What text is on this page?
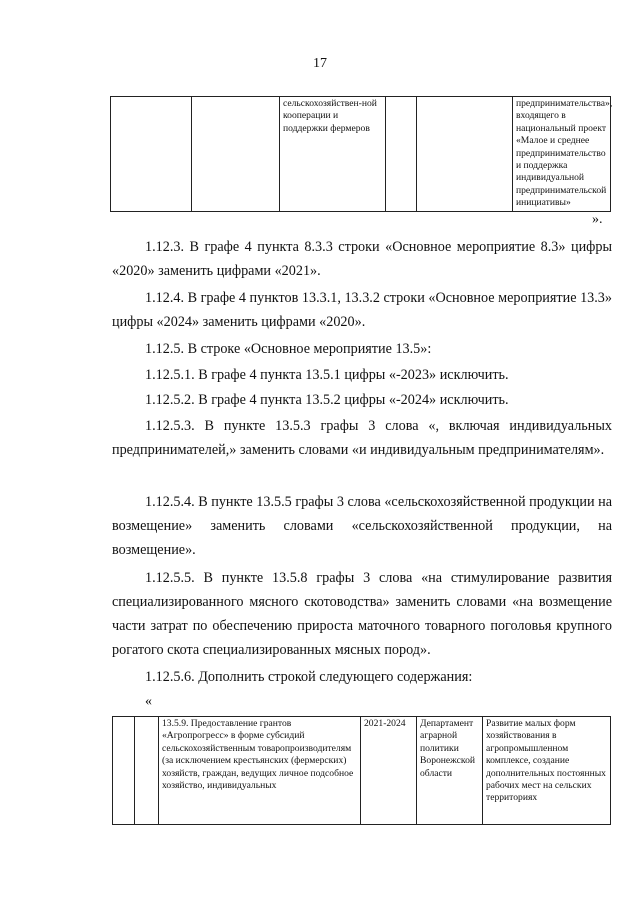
17
		сельскохозяйствен-ной кооперации и поддержки фермеров			предпринимательства», входящего в национальный проект «Малое и среднее предпринимательство и поддержка индивидуальной предпринимательской инициативы»
».
1.12.3. В графе 4 пункта 8.3.3 строки «Основное мероприятие 8.3» цифры «2020» заменить цифрами «2021».
1.12.4. В графе 4 пунктов 13.3.1, 13.3.2 строки «Основное мероприятие 13.3» цифры «2024» заменить цифрами «2020».
1.12.5. В строке «Основное мероприятие 13.5»:
1.12.5.1. В графе 4 пункта 13.5.1 цифры «-2023» исключить.
1.12.5.2. В графе 4 пункта 13.5.2 цифры «-2024» исключить.
1.12.5.3. В пункте 13.5.3 графы 3 слова «, включая индивидуальных предпринимателей,» заменить словами «и индивидуальным предпринимателям».
1.12.5.4. В пункте 13.5.5 графы 3 слова «сельскохозяйственной продукции на возмещение» заменить словами «сельскохозяйственной продукции, на возмещение».
1.12.5.5. В пункте 13.5.8 графы 3 слова «на стимулирование развития специализированного мясного скотоводства» заменить словами «на возмещение части затрат по обеспечению прироста маточного товарного поголовья крупного рогатого скота специализированных мясных пород».
1.12.5.6. Дополнить строкой следующего содержания:
«
		13.5.9. Предоставление грантов «Агропрогресс» в форме субсидий сельскохозяйственным товаропроизводителям (за исключением крестьянских (фермерских) хозяйств, граждан, ведущих личное подсобное хозяйство, индивидуальных	2021-2024	Департамент аграрной политики Воронежской области	Развитие малых форм хозяйствования в агропромышленном комплексе, создание дополнительных постоянных рабочих мест на сельских территориях
